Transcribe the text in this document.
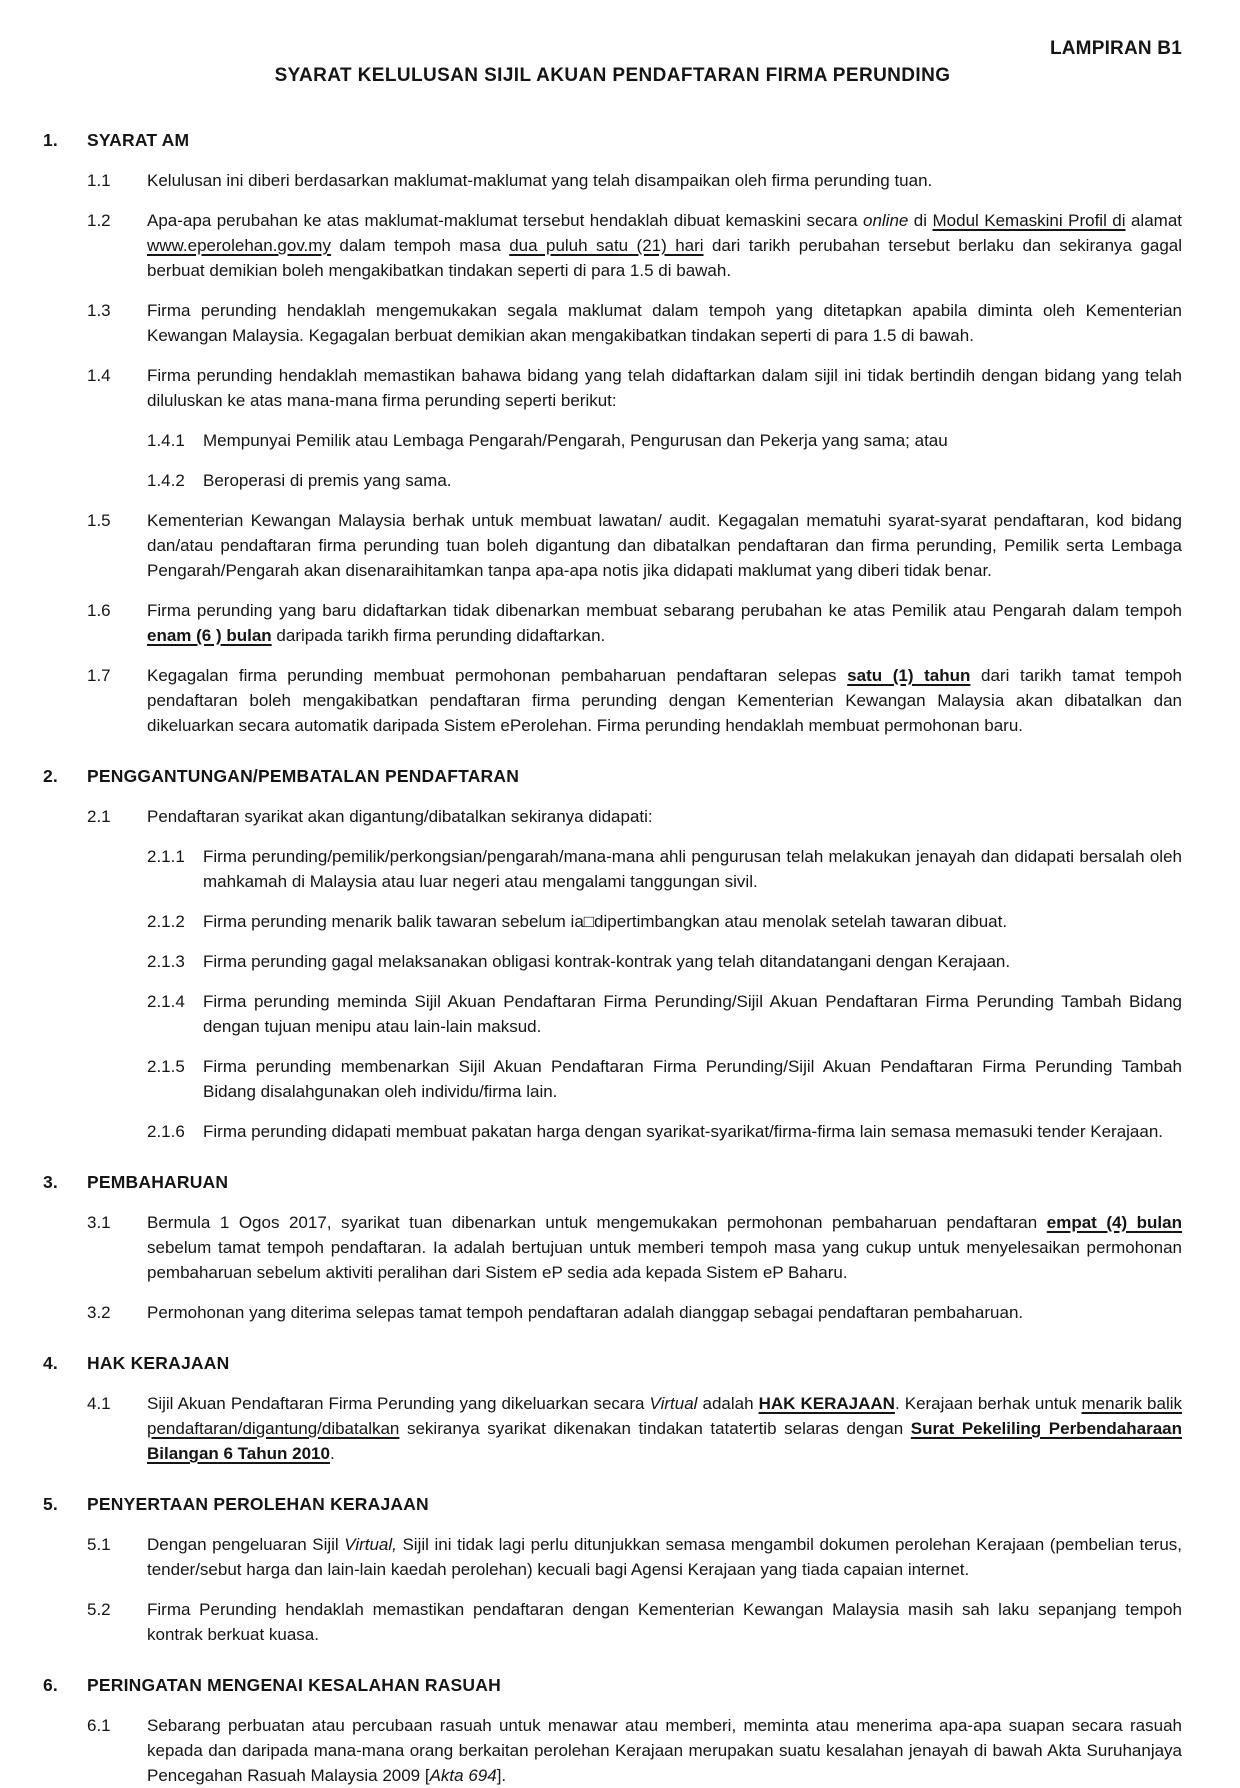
LAMPIRAN B1
SYARAT KELULUSAN SIJIL AKUAN PENDAFTARAN FIRMA PERUNDING
1.	SYARAT AM
1.1	Kelulusan ini diberi berdasarkan maklumat-maklumat yang telah disampaikan oleh firma perunding tuan.

1.2	Apa-apa perubahan ke atas maklumat-maklumat tersebut hendaklah dibuat kemaskini secara online di Modul Kemaskini Profil di alamat www.eperolehan.gov.my dalam tempoh masa dua puluh satu (21) hari dari tarikh perubahan tersebut berlaku dan sekiranya gagal berbuat demikian boleh mengakibatkan tindakan seperti di para 1.5 di bawah.

1.3	Firma perunding hendaklah mengemukakan segala maklumat dalam tempoh yang ditetapkan apabila diminta oleh Kementerian Kewangan Malaysia. Kegagalan berbuat demikian akan mengakibatkan tindakan seperti di para 1.5 di bawah.

1.4	Firma perunding hendaklah memastikan bahawa bidang yang telah didaftarkan dalam sijil ini tidak bertindih dengan bidang yang telah diluluskan ke atas mana-mana firma perunding seperti berikut:

1.4.1	Mempunyai Pemilik atau Lembaga Pengarah/Pengarah, Pengurusan dan Pekerja yang sama; atau

1.4.2	Beroperasi di premis yang sama.

1.5	Kementerian Kewangan Malaysia berhak untuk membuat lawatan/ audit. Kegagalan mematuhi syarat-syarat pendaftaran, kod bidang dan/atau pendaftaran firma perunding tuan boleh digantung dan dibatalkan pendaftaran dan firma perunding, Pemilik serta Lembaga Pengarah/Pengarah akan disenaraihitamkan tanpa apa-apa notis jika didapati maklumat yang diberi tidak benar.

1.6	Firma perunding yang baru didaftarkan tidak dibenarkan membuat sebarang perubahan ke atas Pemilik atau Pengarah dalam tempoh enam (6 ) bulan daripada tarikh firma perunding didaftarkan.

1.7	Kegagalan firma perunding membuat permohonan pembaharuan pendaftaran selepas satu (1) tahun dari tarikh tamat tempoh pendaftaran boleh mengakibatkan pendaftaran firma perunding dengan Kementerian Kewangan Malaysia akan dibatalkan dan dikeluarkan secara automatik daripada Sistem ePerolehan. Firma perunding hendaklah membuat permohonan baru.

2.	PENGGANTUNGAN/PEMBATALAN PENDAFTARAN
2.1	Pendaftaran syarikat akan digantung/dibatalkan sekiranya didapati:

2.1.1	Firma perunding/pemilik/perkongsian/pengarah/mana-mana ahli pengurusan telah melakukan jenayah dan didapati bersalah oleh mahkamah di Malaysia atau luar negeri atau mengalami tanggungan sivil.

2.1.2	Firma perunding menarik balik tawaran sebelum ia□dipertimbangkan atau menolak setelah tawaran dibuat.

2.1.3	Firma perunding gagal melaksanakan obligasi kontrak-kontrak yang telah ditandatangani dengan Kerajaan.

2.1.4	Firma perunding meminda Sijil Akuan Pendaftaran Firma Perunding/Sijil Akuan Pendaftaran Firma Perunding Tambah Bidang dengan tujuan menipu atau lain-lain maksud.

2.1.5	Firma perunding membenarkan Sijil Akuan Pendaftaran Firma Perunding/Sijil Akuan Pendaftaran Firma Perunding Tambah Bidang disalahgunakan oleh individu/firma lain.

2.1.6	Firma perunding didapati membuat pakatan harga dengan syarikat-syarikat/firma-firma lain semasa memasuki tender Kerajaan.

3.	PEMBAHARUAN
3.1	Bermula 1 Ogos 2017, syarikat tuan dibenarkan untuk mengemukakan permohonan pembaharuan pendaftaran empat (4) bulan sebelum tamat tempoh pendaftaran. Ia adalah bertujuan untuk memberi tempoh masa yang cukup untuk menyelesaikan permohonan pembaharuan sebelum aktiviti peralihan dari Sistem eP sedia ada kepada Sistem eP Baharu.

3.2	Permohonan yang diterima selepas tamat tempoh pendaftaran adalah dianggap sebagai pendaftaran pembaharuan.

4.	HAK KERAJAAN
4.1	Sijil Akuan Pendaftaran Firma Perunding yang dikeluarkan secara Virtual adalah HAK KERAJAAN. Kerajaan berhak untuk menarik balik pendaftaran/digantung/dibatalkan sekiranya syarikat dikenakan tindakan tatatertib selaras dengan Surat Pekeliling Perbendaharaan Bilangan 6 Tahun 2010.

5.	PENYERTAAN PEROLEHAN KERAJAAN
5.1	Dengan pengeluaran Sijil Virtual, Sijil ini tidak lagi perlu ditunjukkan semasa mengambil dokumen perolehan Kerajaan (pembelian terus, tender/sebut harga dan lain-lain kaedah perolehan) kecuali bagi Agensi Kerajaan yang tiada capaian internet.

5.2	Firma Perunding hendaklah memastikan pendaftaran dengan Kementerian Kewangan Malaysia masih sah laku sepanjang tempoh kontrak berkuat kuasa.

6.	PERINGATAN MENGENAI KESALAHAN RASUAH
6.1	Sebarang perbuatan atau percubaan rasuah untuk menawar atau memberi, meminta atau menerima apa-apa suapan secara rasuah kepada dan daripada mana-mana orang berkaitan perolehan Kerajaan merupakan suatu kesalahan jenayah di bawah Akta Suruhanjaya Pencegahan Rasuah Malaysia 2009 [Akta 694].
